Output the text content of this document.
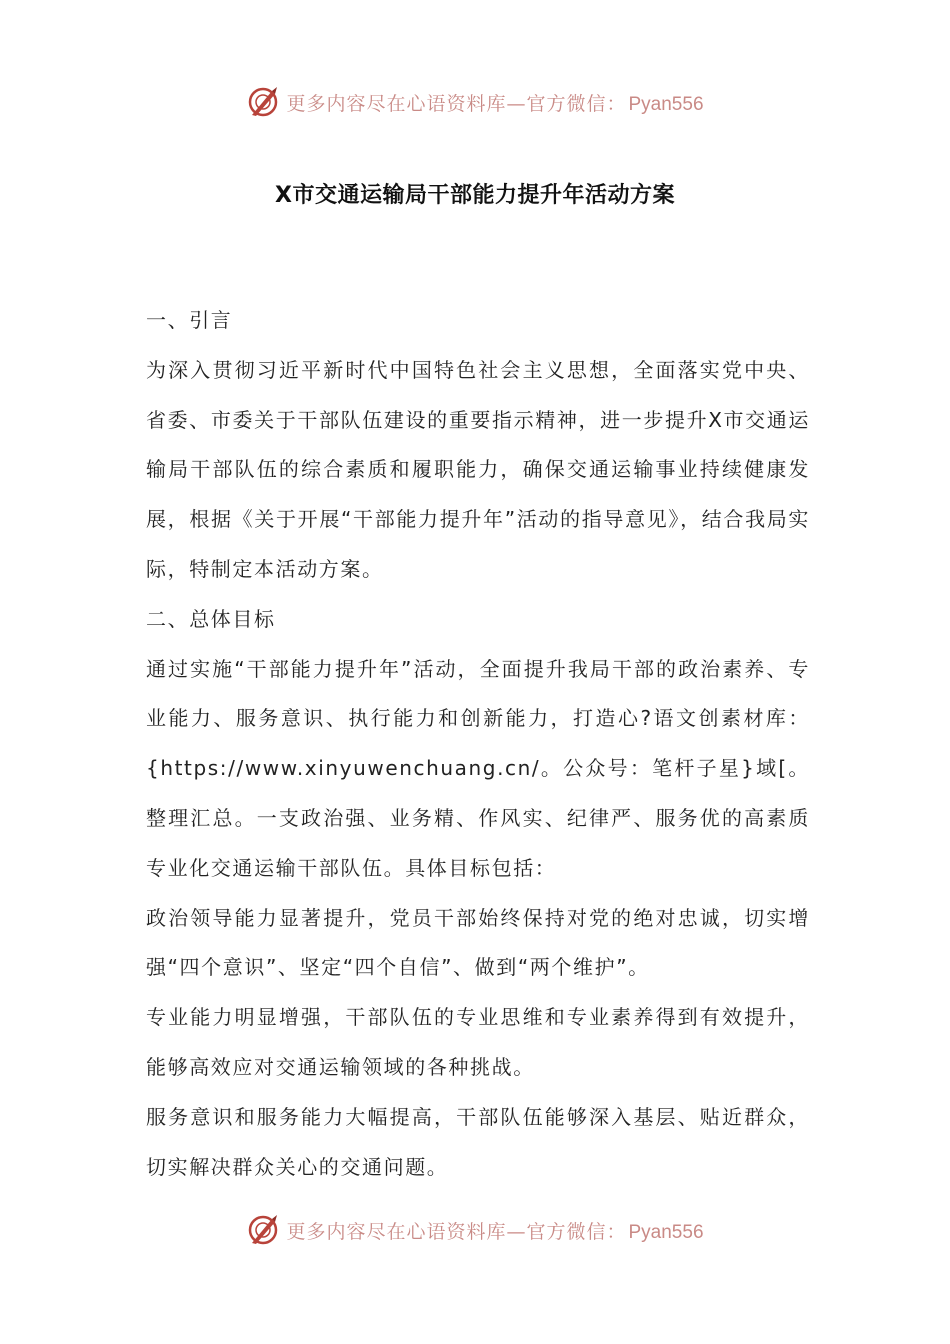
更多内容尽在心语资料库—官方微信： Pyan556
X市交通运输局干部能力提升年活动方案

一、引言

为深入贯彻习近平新时代中国特色社会主义思想，全面落实党中央、省委、市委关于干部队伍建设的重要指示精神，进一步提升X市交通运输局干部队伍的综合素质和履职能力，确保交通运输事业持续健康发展，根据《关于开展“干部能力提升年”活动的指导意见》，结合我局实际，特制定本活动方案。

二、总体目标

通过实施“干部能力提升年”活动，全面提升我局干部的政治素养、专业能力、服务意识、执行能力和创新能力，打造心?语文创素材库：{https://www.xinyuwenchuang.cn/。公众号：笔杆子星}域[。整理汇总。一支政治强、业务精、作风实、纪律严、服务优的高素质专业化交通运输干部队伍。具体目标包括：

政治领导能力显著提升，党员干部始终保持对党的绝对忠诚，切实增强“四个意识”、坚定“四个自信”、做到“两个维护”。

专业能力明显增强，干部队伍的专业思维和专业素养得到有效提升，能够高效应对交通运输领域的各种挑战。

服务意识和服务能力大幅提高，干部队伍能够深入基层、贴近群众，切实解决群众关心的交通问题。

更多内容尽在心语资料库—官方微信： Pyan556
